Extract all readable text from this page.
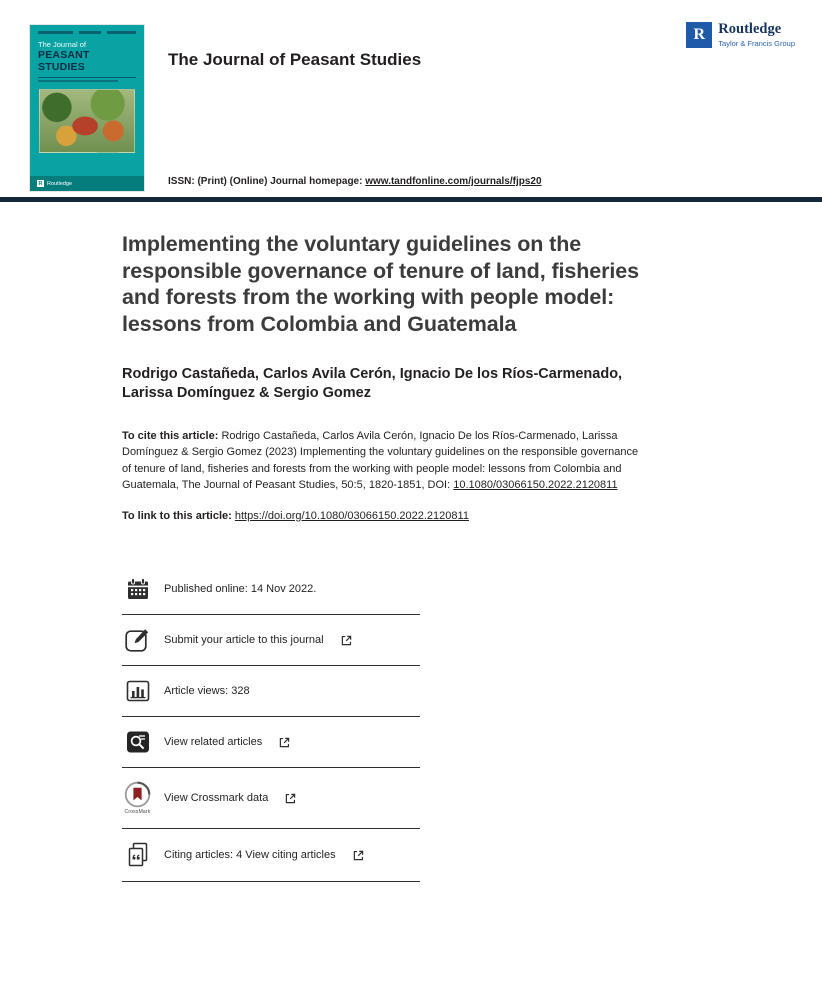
The Journal of
PEASANT STUDIES
R Routledge
The Journal of Peasant Studies
R Routledge
Taylor & Francis Group

ISSN: (Print) (Online) Journal homepage: www.tandfonline.com/journals/fjps20

Implementing the voluntary guidelines on the responsible governance of tenure of land, fisheries and forests from the working with people model: lessons from Colombia and Guatemala

Rodrigo Castañeda, Carlos Avila Cerón, Ignacio De los Ríos-Carmenado, Larissa Domínguez & Sergio Gomez

To cite this article: Rodrigo Castañeda, Carlos Avila Cerón, Ignacio De los Ríos-Carmenado, Larissa Domínguez & Sergio Gomez (2023) Implementing the voluntary guidelines on the responsible governance of tenure of land, fisheries and forests from the working with people model: lessons from Colombia and Guatemala, The Journal of Peasant Studies, 50:5, 1820-1851, DOI: 10.1080/03066150.2022.2120811

To link to this article: https://doi.org/10.1080/03066150.2022.2120811

Published online: 14 Nov 2022.
Submit your article to this journal
Article views: 328
View related articles
CrossMark
View Crossmark data
Citing articles: 4 View citing articles
